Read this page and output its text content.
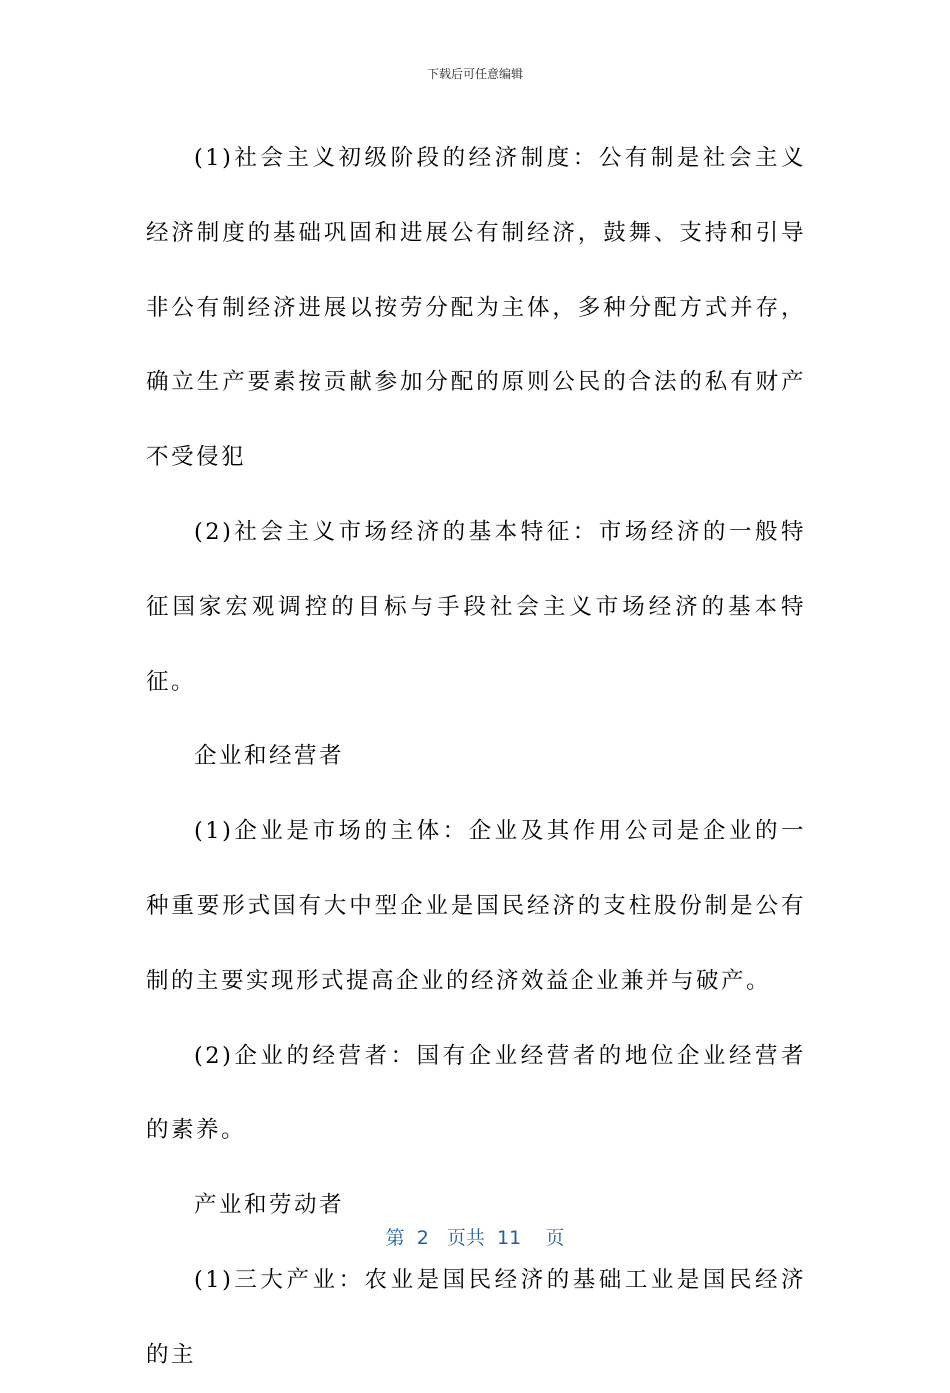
下载后可任意编辑

(1)社会主义初级阶段的经济制度：公有制是社会主义经济制度的基础巩固和进展公有制经济，鼓舞、支持和引导非公有制经济进展以按劳分配为主体，多种分配方式并存，确立生产要素按贡献参加分配的原则公民的合法的私有财产不受侵犯

(2)社会主义市场经济的基本特征：市场经济的一般特征国家宏观调控的目标与手段社会主义市场经济的基本特征。

企业和经营者

(1)企业是市场的主体：企业及其作用公司是企业的一种重要形式国有大中型企业是国民经济的支柱股份制是公有制的主要实现形式提高企业的经济效益企业兼并与破产。

(2)企业的经营者：国有企业经营者的地位企业经营者的素养。

产业和劳动者

(1)三大产业：农业是国民经济的基础工业是国民经济的主

第 2 页共 11 页
